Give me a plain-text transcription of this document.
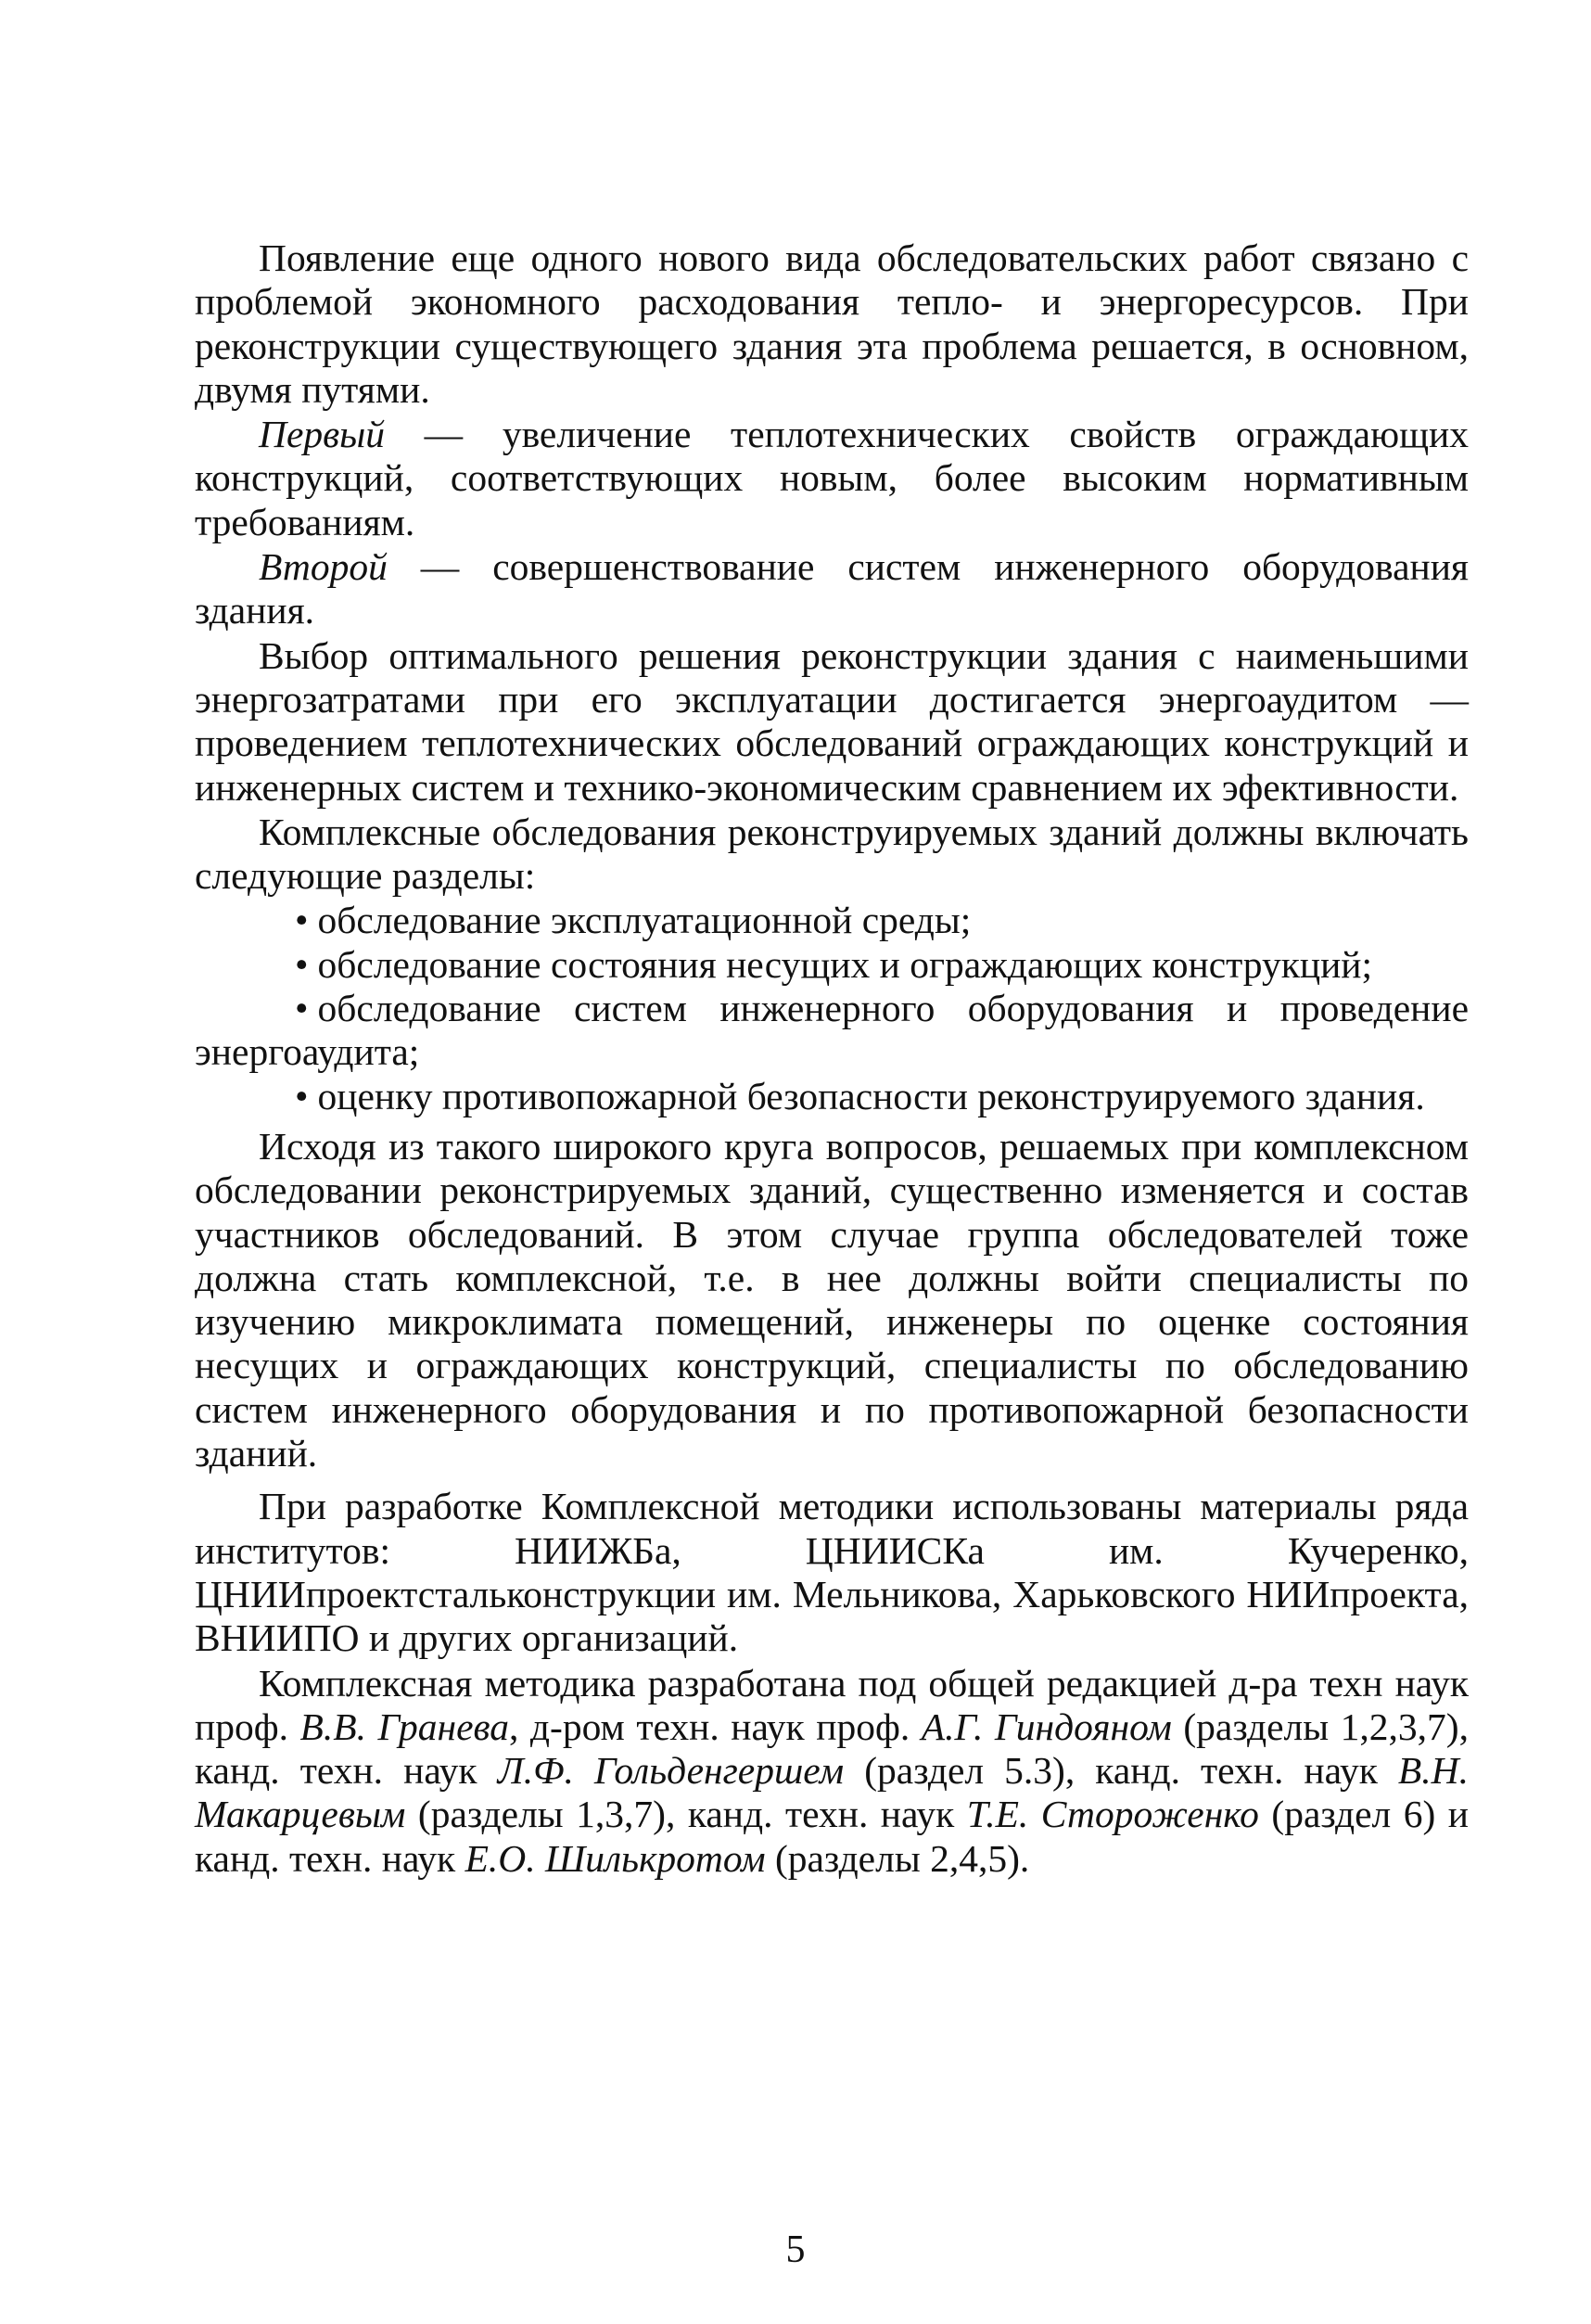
Появление еще одного нового вида обследовательских работ связано с проблемой экономного расходования тепло- и энергоресурсов. При реконструкции существующего здания эта проблема решается, в основном, двумя путями.

Первый — увеличение теплотехнических свойств ограждающих конструкций, соответствующих новым, более высоким нормативным требованиям.

Второй — совершенствование систем инженерного оборудования здания.

Выбор оптимального решения реконструкции здания с наименьшими энергозатратами при его эксплуатации достигается энергоаудитом — проведением теплотехнических обследований ограждающих конструкций и инженерных систем и технико-экономическим сравнением их эфективности.

Комплексные обследования реконструируемых зданий должны включать следующие разделы:

• обследование эксплуатационной среды;
• обследование состояния несущих и ограждающих конструкций;
• обследование систем инженерного оборудования и проведение энергоаудита;
• оценку противопожарной безопасности реконструируемого здания.

Исходя из такого широкого круга вопросов, решаемых при комплексном обследовании реконстрируемых зданий, существенно изменяется и состав участников обследований. В этом случае группа обследователей тоже должна стать комплексной, т.е. в нее должны войти специалисты по изучению микроклимата помещений, инженеры по оценке состояния несущих и ограждающих конструкций, специалисты по обследованию систем инженерного оборудования и по противопожарной безопасности зданий.

При разработке Комплексной методики использованы материалы ряда институтов: НИИЖБа, ЦНИИСКа им. Кучеренко, ЦНИИпроектстальконструкции им. Мельникова, Харьковского НИИпроекта, ВНИИПО и других организаций.

Комплексная методика разработана под общей редакцией д-ра техн наук проф. В.В. Гранева, д-ром техн. наук проф. А.Г. Гиндояном (разделы 1,2,3,7), канд. техн. наук Л.Ф. Гольденгершем (раздел 5.3), канд. техн. наук В.Н. Макарцевым (разделы 1,3,7), канд. техн. наук Т.Е. Стороженко (раздел 6) и канд. техн. наук Е.О. Шилькротом (разделы 2,4,5).

5
